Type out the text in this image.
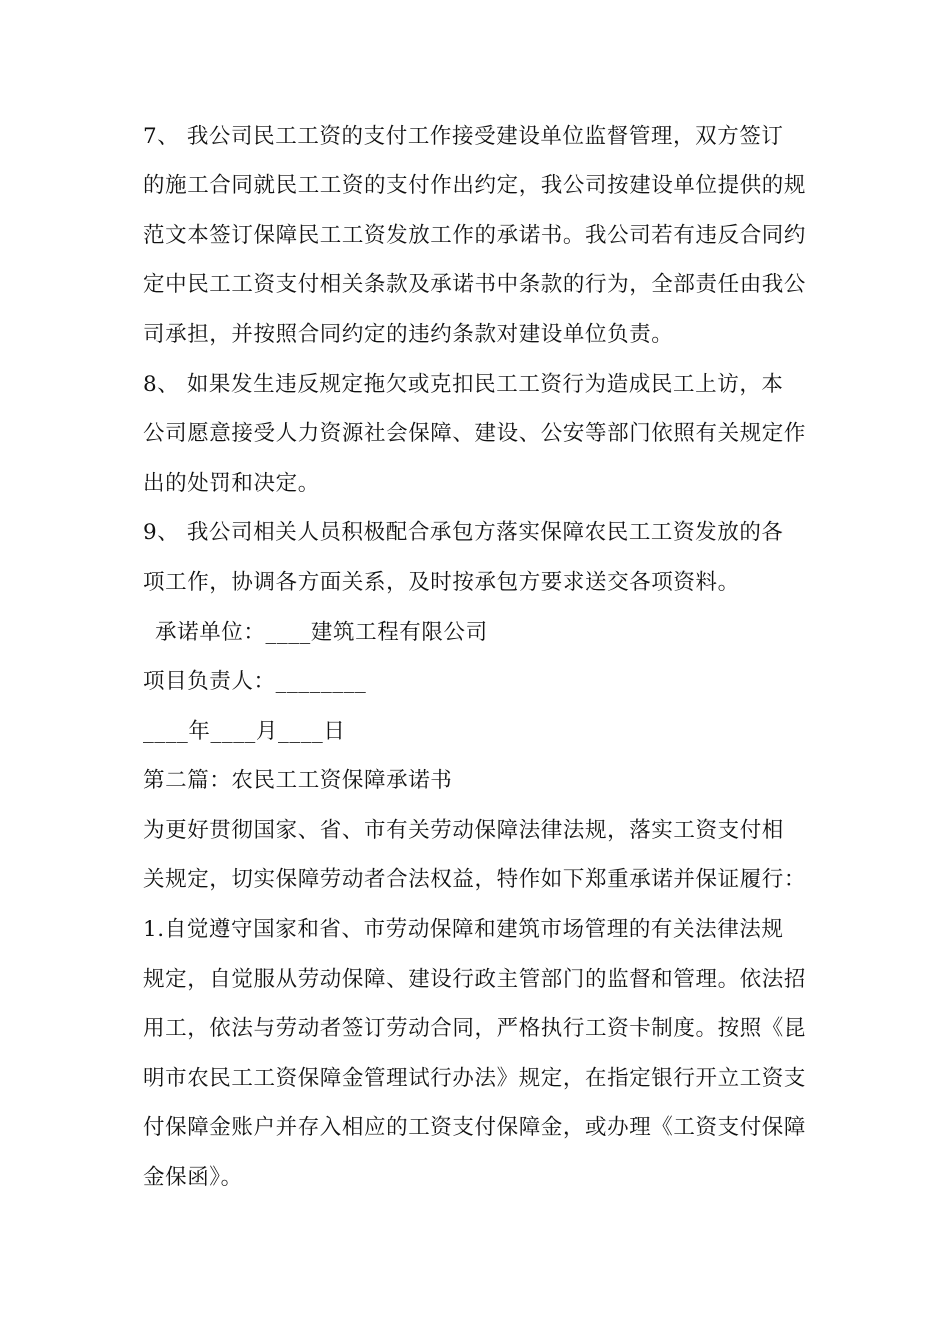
7、 我公司民工工资的支付工作接受建设单位监督管理，双方签订
的施工合同就民工工资的支付作出约定，我公司按建设单位提供的规
范文本签订保障民工工资发放工作的承诺书。我公司若有违反合同约
定中民工工资支付相关条款及承诺书中条款的行为，全部责任由我公
司承担，并按照合同约定的违约条款对建设单位负责。
8、 如果发生违反规定拖欠或克扣民工工资行为造成民工上访，本
公司愿意接受人力资源社会保障、建设、公安等部门依照有关规定作
出的处罚和决定。
9、 我公司相关人员积极配合承包方落实保障农民工工资发放的各
项工作，协调各方面关系，及时按承包方要求送交各项资料。
承诺单位：____建筑工程有限公司
项目负责人：________
____年____月____日
第二篇：农民工工资保障承诺书
为更好贯彻国家、省、市有关劳动保障法律法规，落实工资支付相
关规定，切实保障劳动者合法权益，特作如下郑重承诺并保证履行：
1.自觉遵守国家和省、市劳动保障和建筑市场管理的有关法律法规
规定，自觉服从劳动保障、建设行政主管部门的监督和管理。依法招
用工，依法与劳动者签订劳动合同，严格执行工资卡制度。按照《昆
明市农民工工资保障金管理试行办法》规定，在指定银行开立工资支
付保障金账户并存入相应的工资支付保障金，或办理《工资支付保障
金保函》。
